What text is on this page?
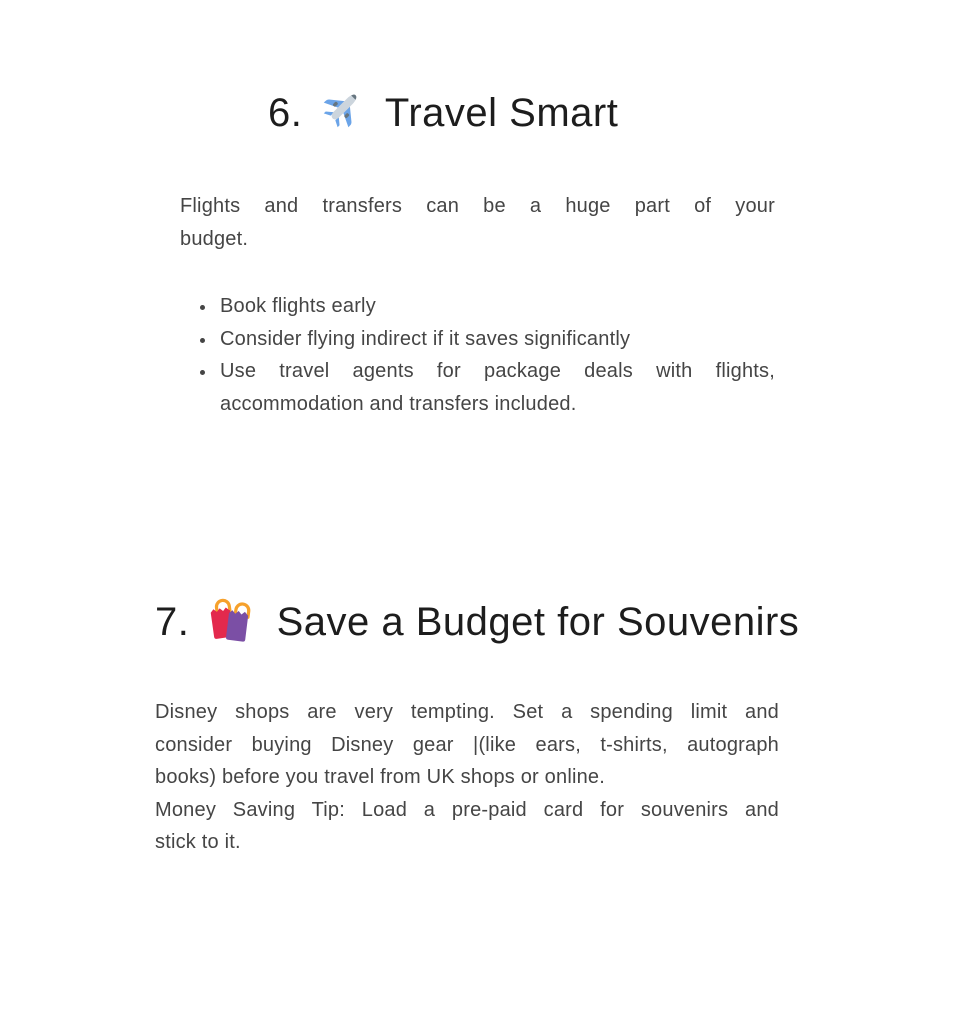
6. Travel Smart
Flights and transfers can be a huge part of your
budget.
Book flights early
Consider flying indirect if it saves significantly
Use travel agents for package deals with flights,
accommodation and transfers included.
7. Save a Budget for Souvenirs
Disney shops are very tempting. Set a spending limit and
consider buying Disney gear |(like ears, t-shirts, autograph
books) before you travel from UK shops or online.
Money Saving Tip: Load a pre-paid card for souvenirs and
stick to it.
